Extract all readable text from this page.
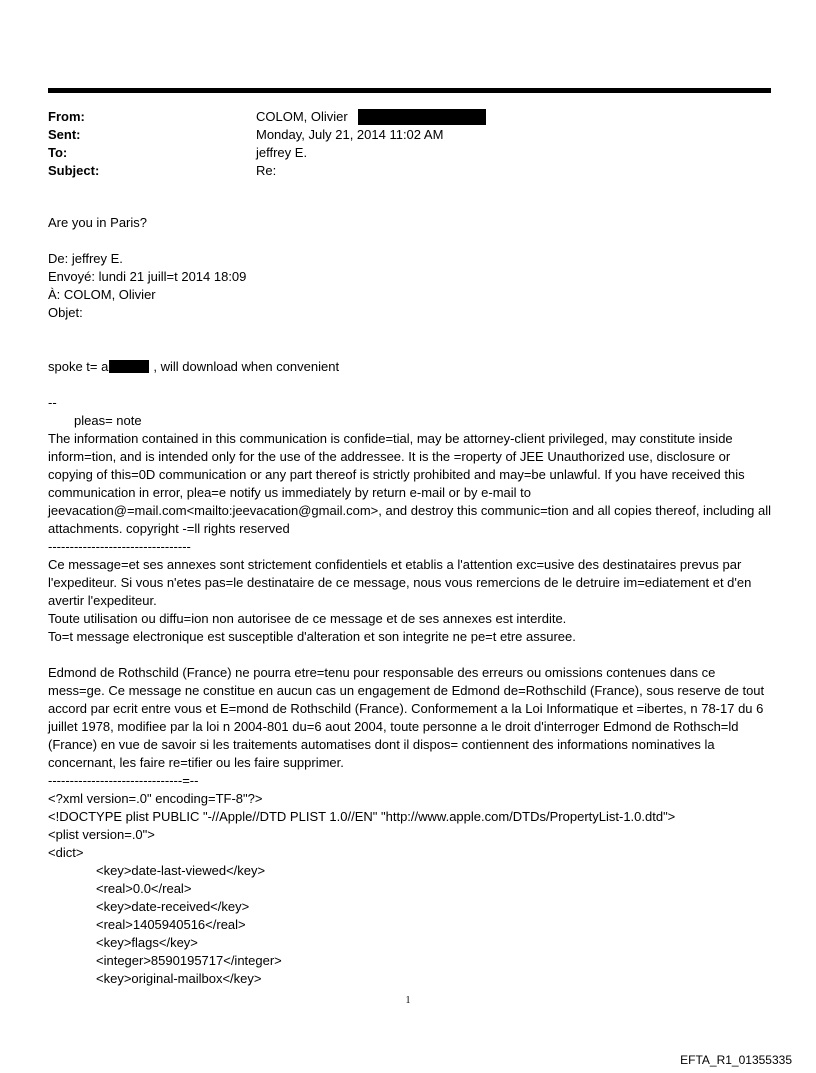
From:	COLOM, Olivier
Sent:	Monday, July 21, 2014 11:02 AM
To:	jeffrey E.
Subject:	Re:
Are you in Paris?
De: jeffrey E.
Envoyé: lundi 21 juill=t 2014 18:09
À: COLOM, Olivier
Objet:
spoke t= a	, will download when convenient
--
pleas= note
The information contained in this communication is confide=tial, may be attorney-client privileged, may constitute inside inform=tion, and is intended only for the use of the addressee. It is the =roperty of JEE Unauthorized use, disclosure or copying of this=0D communication or any part thereof is strictly prohibited and may=be unlawful. If you have received this communication in error, plea=e notify us immediately by return e-mail or by e-mail to jeevacation@=mail.com<mailto:jeevacation@gmail.com>, and destroy this communic=tion and all copies thereof, including all attachments. copyright -=ll rights reserved
---------------------------------
Ce message=et ses annexes sont strictement confidentiels et etablis a l'attention exc=usive des destinataires prevus par l'expediteur. Si vous n'etes pas=le destinataire de ce message, nous vous remercions de le detruire im=ediatement et d'en avertir l'expediteur.
Toute utilisation ou diffu=ion non autorisee de ce message et de ses annexes est interdite.
To=t message electronique est susceptible d'alteration et son integrite ne pe=t etre assuree.
Edmond de Rothschild (France) ne pourra etre=tenu pour responsable des erreurs ou omissions contenues dans ce mess=ge. Ce message ne constitue en aucun cas un engagement de Edmond de=Rothschild (France), sous reserve de tout accord par ecrit entre vous et E=mond de Rothschild (France). Conformement a la Loi Informatique et =ibertes, n 78-17 du 6 juillet 1978, modifiee par la loi n 2004-801 du=6 aout 2004, toute personne a le droit d'interroger Edmond de Rothsch=ld (France) en vue de savoir si les traitements automatises dont il dispos= contiennent des informations nominatives la concernant, les faire re=tifier ou les faire supprimer.
-------------------------------=--
<?xml version=.0" encoding=TF-8"?>
<!DOCTYPE plist PUBLIC "-//Apple//DTD PLIST 1.0//EN" "http://www.apple.com/DTDs/PropertyList-1.0.dtd">
<plist version=.0">
<dict>
<key>date-last-viewed</key>
<real>0.0</real>
<key>date-received</key>
<real>1405940516</real>
<key>flags</key>
<integer>8590195717</integer>
<key>original-mailbox</key>
1
EFTA_R1_01355335
